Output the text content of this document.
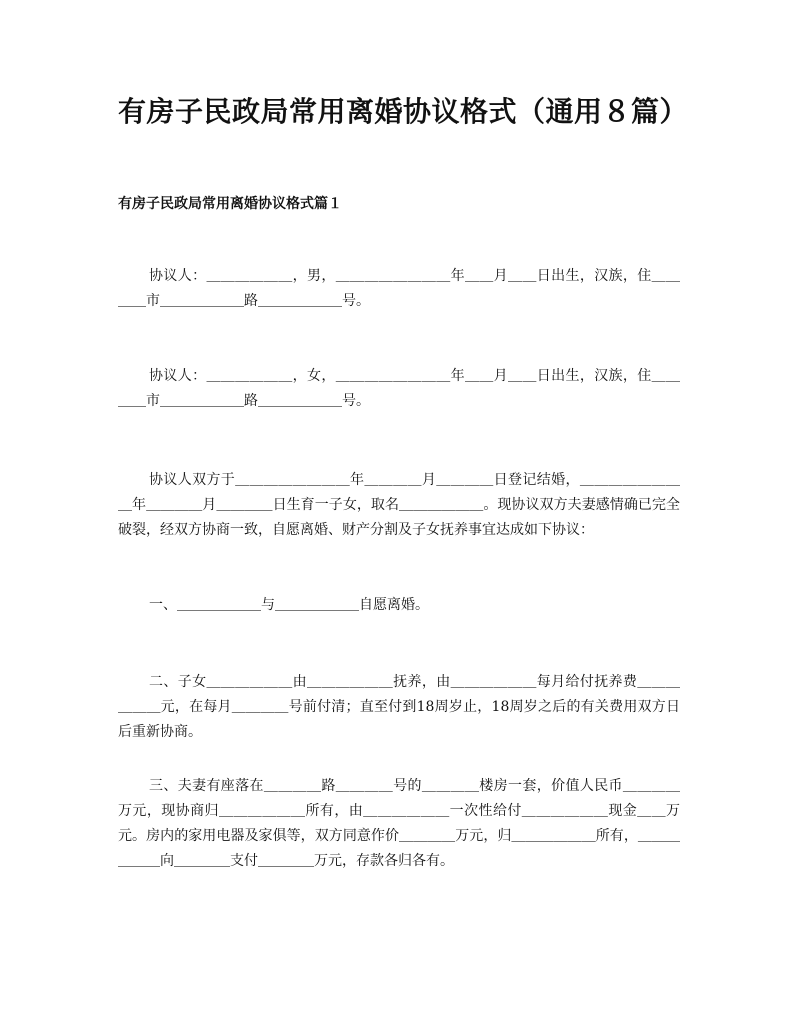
有房子民政局常用离婚协议格式（通用８篇）
有房子民政局常用离婚协议格式篇１

协议人：＿＿＿＿＿＿，男，＿＿＿＿＿＿＿＿年＿＿月＿＿日出生，汉族，住＿＿＿＿市＿＿＿＿＿＿路＿＿＿＿＿＿号。

协议人：＿＿＿＿＿＿，女，＿＿＿＿＿＿＿＿年＿＿月＿＿日出生，汉族，住＿＿＿＿市＿＿＿＿＿＿路＿＿＿＿＿＿号。

协议人双方于＿＿＿＿＿＿＿＿年＿＿＿＿月＿＿＿＿日登记结婚，＿＿＿＿＿＿＿＿年＿＿＿＿月＿＿＿＿日生育一子女，取名＿＿＿＿＿＿。现协议双方夫妻感情确已完全破裂，经双方协商一致，自愿离婚、财产分割及子女抚养事宜达成如下协议：

一、＿＿＿＿＿＿与＿＿＿＿＿＿自愿离婚。

二、子女＿＿＿＿＿＿由＿＿＿＿＿＿抚养，由＿＿＿＿＿＿每月给付抚养费＿＿＿＿＿＿元，在每月＿＿＿＿号前付清；直至付到18周岁止，18周岁之后的有关费用双方日后重新协商。

三、夫妻有座落在＿＿＿＿路＿＿＿＿号的＿＿＿＿楼房一套，价值人民币＿＿＿＿万元，现协商归＿＿＿＿＿＿所有，由＿＿＿＿＿＿一次性给付＿＿＿＿＿＿现金＿＿万元。房内的家用电器及家俱等，双方同意作价＿＿＿＿万元，归＿＿＿＿＿＿所有，＿＿＿＿＿＿向＿＿＿＿支付＿＿＿＿万元，存款各归各有。
